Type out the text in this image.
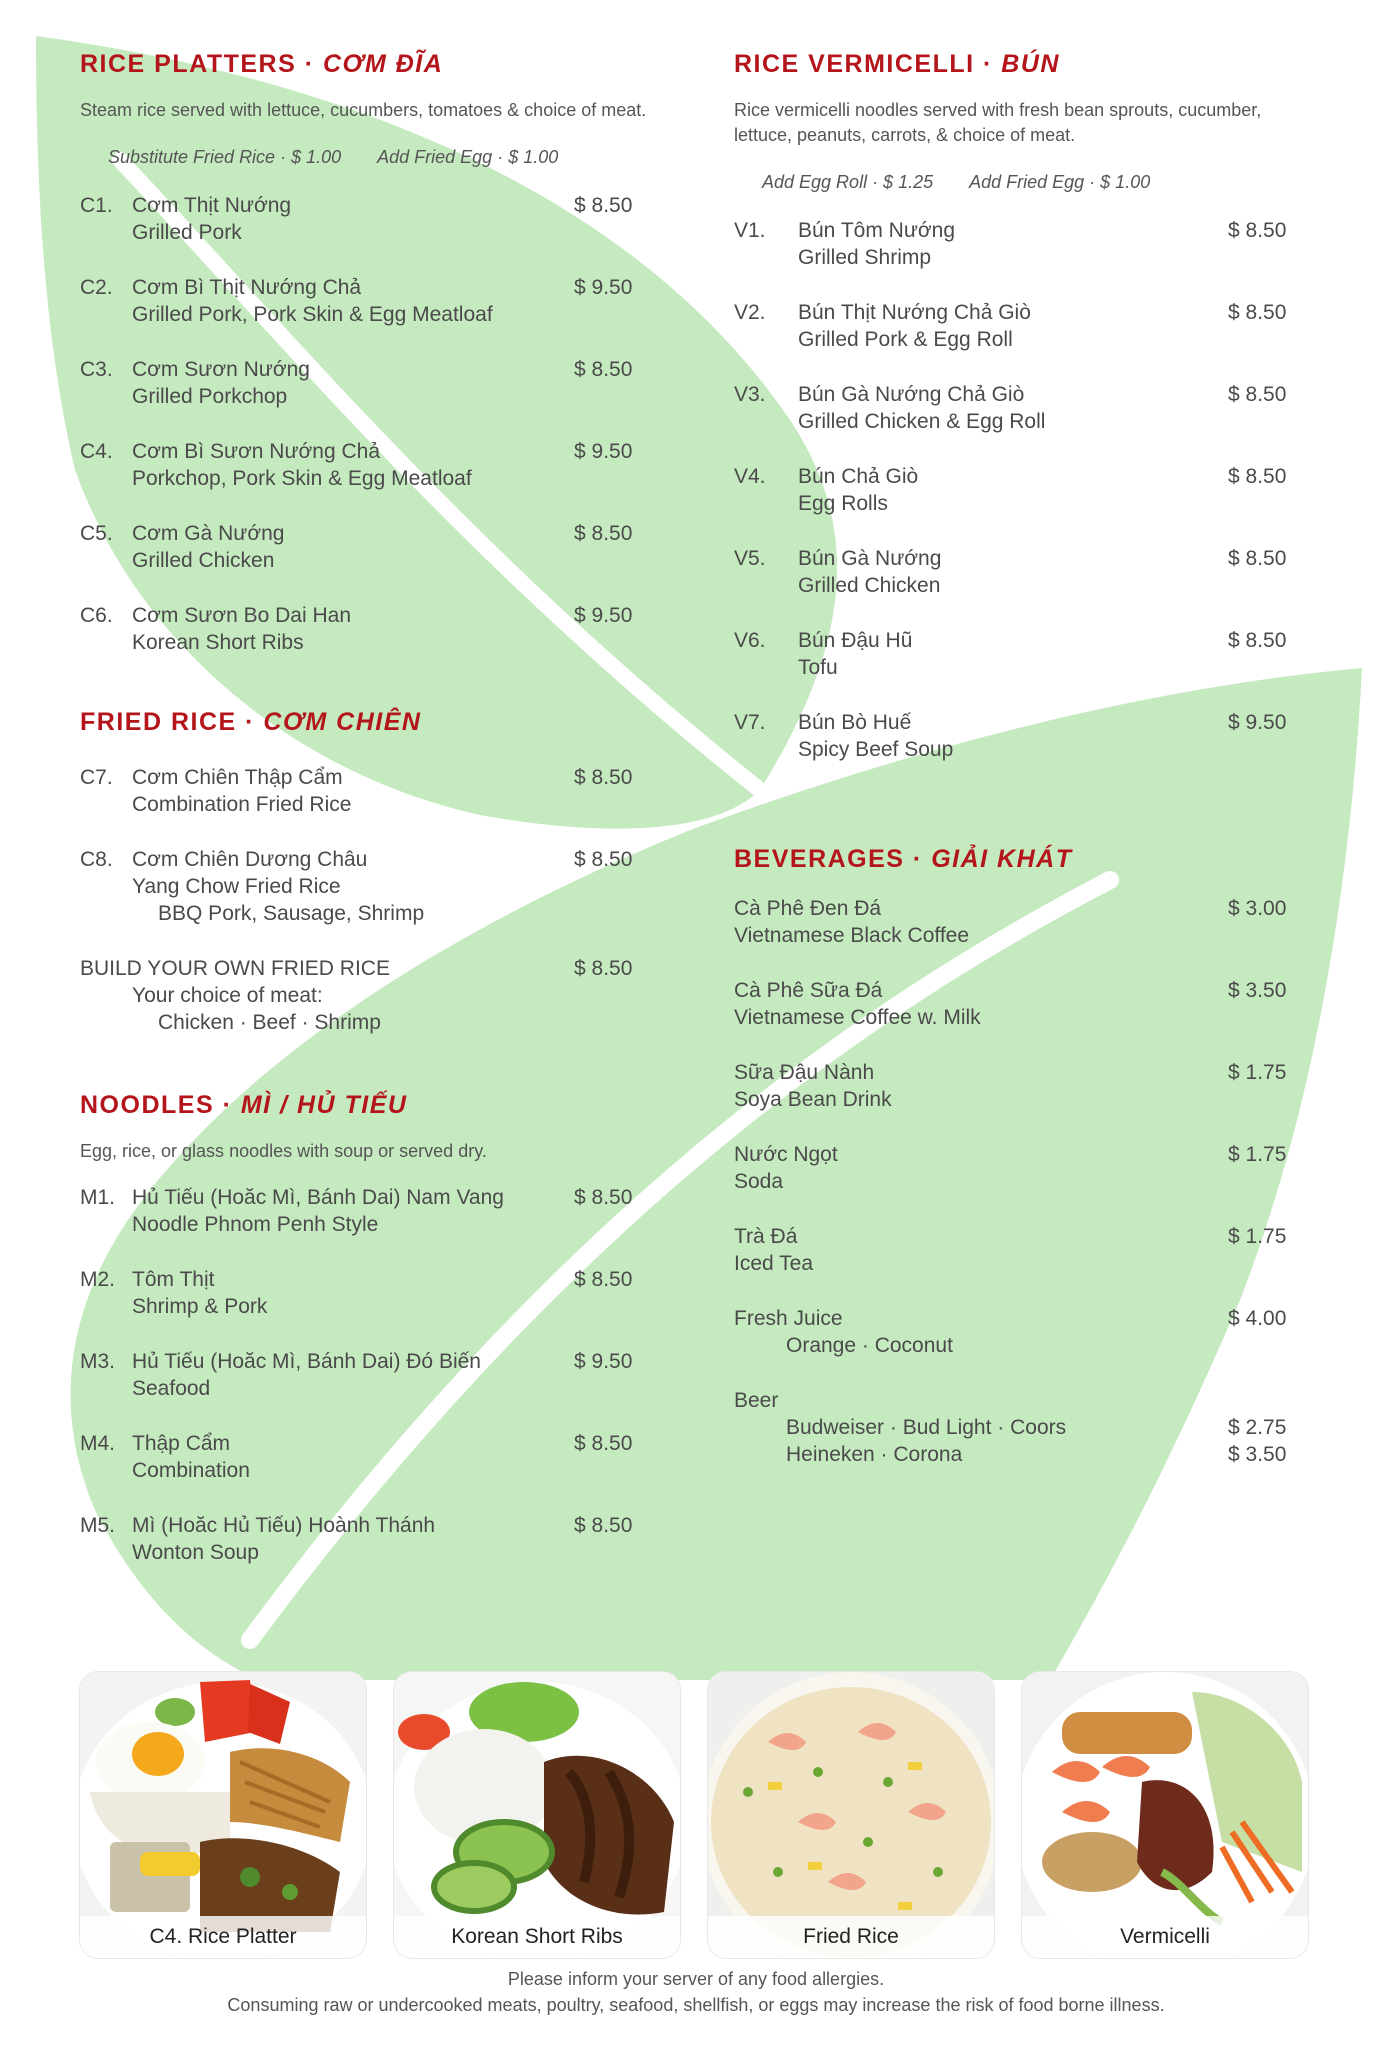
RICE PLATTERS · CƠM ĐĨA
Steam rice served with lettuce, cucumbers, tomatoes & choice of meat.
Substitute Fried Rice · $ 1.00 Add Fried Egg · $ 1.00
C1. Cơm Thịt Nướng
Grilled Pork
$ 8.50
C2. Cơm Bì Thịt Nướng Chả
Grilled Pork, Pork Skin & Egg Meatloaf
$ 9.50
C3. Cơm Sươn Nướng
Grilled Porkchop
$ 8.50
C4. Cơm Bì Sươn Nướng Chả
Porkchop, Pork Skin & Egg Meatloaf
$ 9.50
C5. Cơm Gà Nướng
Grilled Chicken
$ 8.50
C6. Cơm Sươn Bo Dai Han
Korean Short Ribs
$ 9.50
FRIED RICE · CƠM CHIÊN
C7. Cơm Chiên Thập Cẩm
Combination Fried Rice
$ 8.50
C8. Cơm Chiên Dương Châu
Yang Chow Fried Rice
BBQ Pork, Sausage, Shrimp
$ 8.50
BUILD YOUR OWN FRIED RICE	$ 8.50
Your choice of meat:
Chicken · Beef · Shrimp
NOODLES · MÌ / HỦ TIẾU
Egg, rice, or glass noodles with soup or served dry.
M1. Hủ Tiếu (Hoăc Mì, Bánh Dai) Nam Vang
Noodle Phnom Penh Style
$ 8.50
M2. Tôm Thịt
Shrimp & Pork
$ 8.50
M3. Hủ Tiếu (Hoăc Mì, Bánh Dai) Đó Biến
Seafood
$ 9.50
M4. Thập Cẩm
Combination
$ 8.50
M5. Mì (Hoăc Hủ Tiếu) Hoành Thánh
Wonton Soup
$ 8.50
RICE VERMICELLI · BÚN
Rice vermicelli noodles served with fresh bean sprouts, cucumber, lettuce, peanuts, carrots, & choice of meat.
Add Egg Roll · $ 1.25 Add Fried Egg · $ 1.00
V1. Bún Tôm Nướng
Grilled Shrimp
$ 8.50
V2. Bún Thịt Nướng Chả Giò
Grilled Pork & Egg Roll
$ 8.50
V3. Bún Gà Nướng Chả Giò
Grilled Chicken & Egg Roll
$ 8.50
V4. Bún Chả Giò
Egg Rolls
$ 8.50
V5. Bún Gà Nướng
Grilled Chicken
$ 8.50
V6. Bún Đậu Hũ
Tofu
$ 8.50
V7. Bún Bò Huế
Spicy Beef Soup
$ 9.50
BEVERAGES · GIẢI KHÁT
Cà Phê Đen Đá
Vietnamese Black Coffee
$ 3.00
Cà Phê Sữa Đá
Vietnamese Coffee w. Milk
$ 3.50
Sữa Đậu Nành
Soya Bean Drink
$ 1.75
Nước Ngọt
Soda
$ 1.75
Trà Đá
Iced Tea
$ 1.75
Fresh Juice
Orange · Coconut
$ 4.00
Beer
Budweiser · Bud Light · Coors
Heineken · Corona
$ 2.75
$ 3.50
C4. Rice Platter	Korean Short Ribs	Fried Rice	Vermicelli
Please inform your server of any food allergies.
Consuming raw or undercooked meats, poultry, seafood, shellfish, or eggs may increase the risk of food borne illness.
